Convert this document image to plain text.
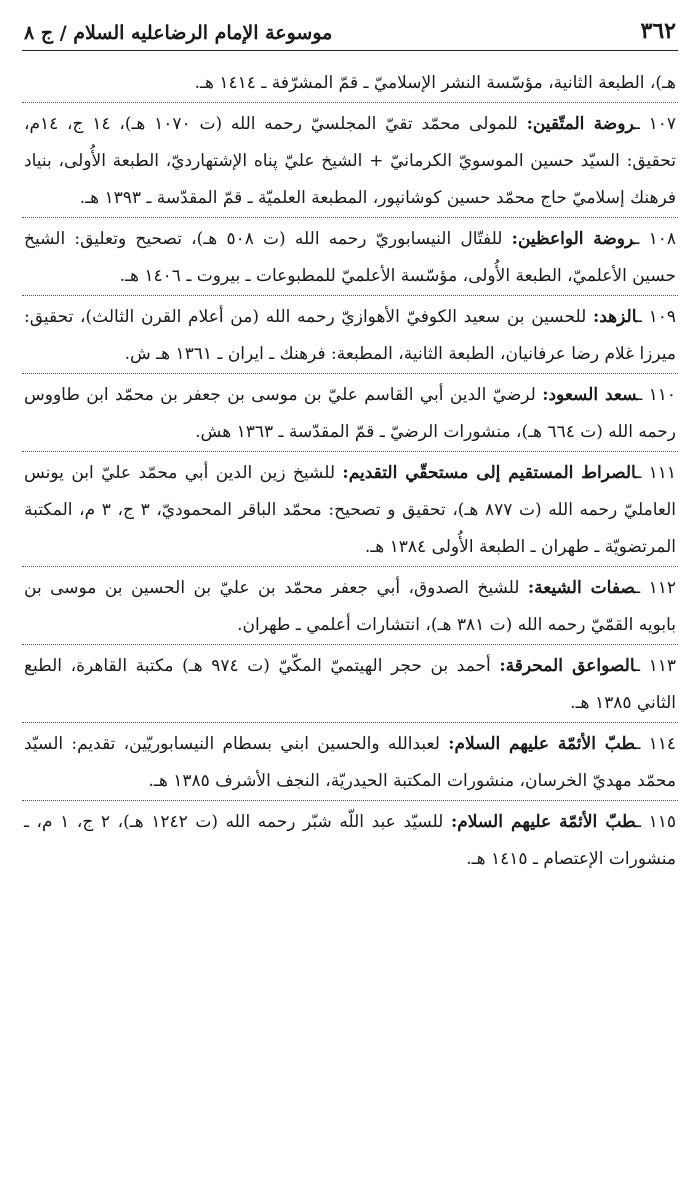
٣٦٢
موسوعة الإمام الرضاعليه السلام / ج ٨

هـ)، الطبعة الثانية، مؤسّسة النشر الإسلاميّ ـ قمّ المشرّفة ـ ١٤١٤ هـ.

١٠٧ ـروضة المتّقين: للمولى محمّد تقيّ المجلسيّ رحمه الله (ت ١٠٧٠ هـ)، ١٤ ج، ١٤م، تحقيق: السيّد حسين الموسويّ الكرمانيّ + الشيخ عليّ پناه الإشتهارديّ، الطبعة الأُولى، بنياد فرهنك إسلاميّ حاج محمّد حسين كوشانپور، المطبعة العلميّة ـ قمّ المقدّسة ـ ١٣٩٣ هـ.

١٠٨ ـروضة الواعظين: للفتّال النيسابوريّ رحمه الله (ت ٥٠٨ هـ)، تصحيح وتعليق: الشيخ حسين الأعلميّ، الطبعة الأُولى، مؤسّسة الأعلميّ للمطبوعات ـ بيروت ـ ١٤٠٦ هـ.

١٠٩ ـالزهد: للحسين بن سعيد الكوفيّ الأهوازيّ رحمه الله (من أعلام القرن الثالث)، تحقيق: ميرزا غلام رضا عرفانيان، الطبعة الثانية، المطبعة: فرهنك ـ ايران ـ ١٣٦١ هـ ش.

١١٠ ـسعد السعود: لرضيّ الدين أبي القاسم عليّ بن موسى بن جعفر بن محمّد ابن طاووس رحمه الله (ت ٦٦٤ هـ)، منشورات الرضيّ ـ قمّ المقدّسة ـ ١٣٦٣ هش.

١١١ ـالصراط المستقيم إلى مستحقّي التقديم: للشيخ زين الدين أبي محمّد عليّ ابن يونس العامليّ رحمه الله (ت ٨٧٧ هـ)، تحقيق و تصحيح: محمّد الباقر المحموديّ، ٣ ج، ٣ م، المكتبة المرتضويّة ـ طهران ـ الطبعة الأُولى ١٣٨٤ هـ.

١١٢ ـصفات الشيعة: للشيخ الصدوق، أبي جعفر محمّد بن عليّ بن الحسين بن موسى بن بابويه القمّيّ رحمه الله (ت ٣٨١ هـ)، انتشارات أعلمي ـ طهران.

١١٣ ـالصواعق المحرقة: أحمد بن حجر الهيتميّ المكّيّ (ت ٩٧٤ هـ) مكتبة القاهرة، الطبع الثاني ١٣٨٥ هـ.

١١٤ ـطبّ الأئمّة عليهم السلام: لعبدالله والحسين ابني بسطام النيسابوريّين، تقديم: السيّد محمّد مهديّ الخرسان، منشورات المكتبة الحيدريّة، النجف الأشرف ١٣٨٥ هـ.

١١٥ ـطبّ الأئمّة عليهم السلام: للسيّد عبد اللّه شبّر رحمه الله (ت ١٢٤٢ هـ)، ٢ ج، ١ م، ـ منشورات الإعتصام ـ ١٤١٥ هـ.
